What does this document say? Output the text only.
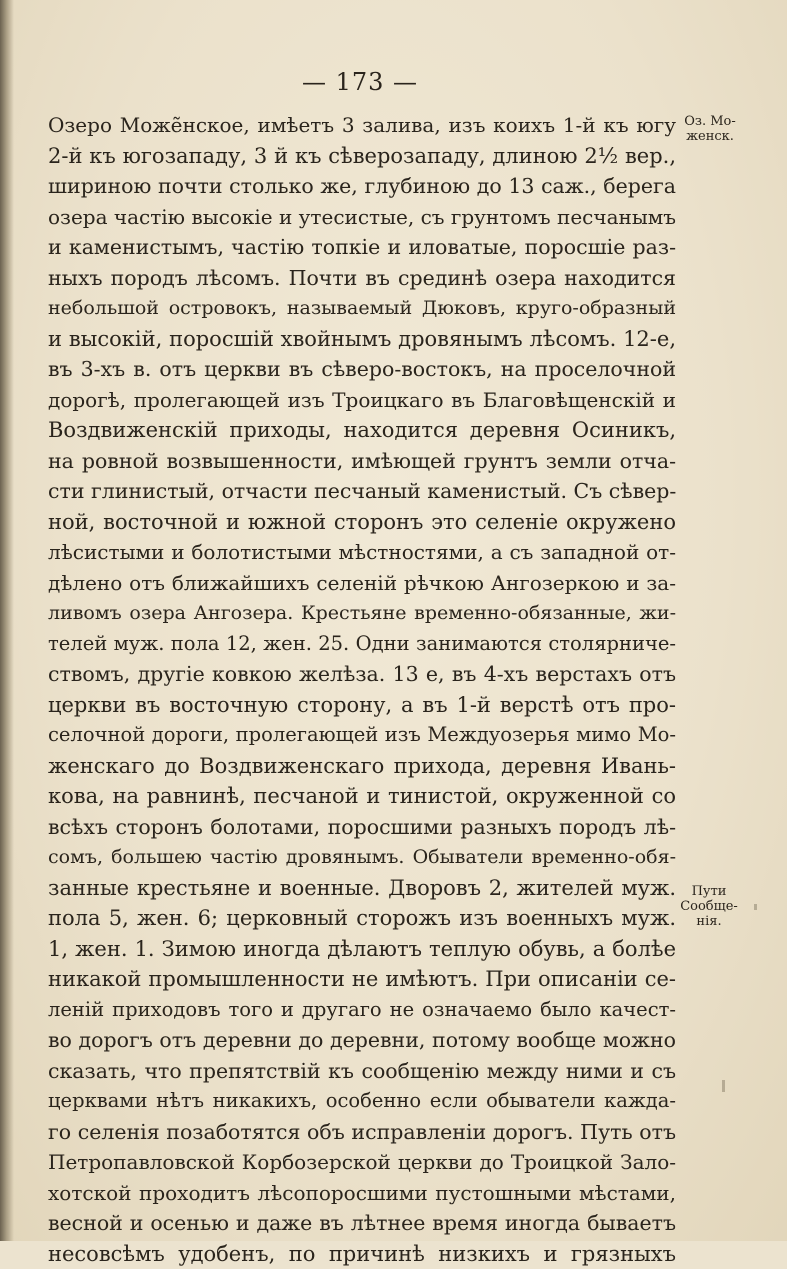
— 173 —
Оз. Мо-
женск.
Пути
Сообще-
нія.
Озеро Може̃нское, имѣетъ 3 залива, изъ коихъ 1-й къ югу
2-й къ югозападу, 3 й къ сѣверозападу, длиною 2½ вер.,
шириною почти столько же, глубиною до 13 саж., берега
озера частію высокіе и утесистые, съ грунтомъ песчанымъ
и каменистымъ, частію топкіе и иловатые, поросшіе раз-
ныхъ породъ лѣсомъ. Почти въ срединѣ озера находится
небольшой островокъ, называемый Дюковъ, круго-образный
и высокій, поросшій хвойнымъ дровянымъ лѣсомъ. 12-е,
въ 3-хъ в. отъ церкви въ сѣверо-востокъ, на проселочной
дорогѣ, пролегающей изъ Троицкаго въ Благовѣщенскій и
Воздвиженскій приходы, находится деревня Осиникъ,
на ровной возвышенности, имѣющей грунтъ земли отча-
сти глинистый, отчасти песчаный каменистый. Съ сѣвер-
ной, восточной и южной сторонъ это селеніе окружено
лѣсистыми и болотистыми мѣстностями, а съ западной от-
дѣлено отъ ближайшихъ селеній рѣчкою Ангозеркою и за-
ливомъ озера Ангозера. Крестьяне временно-обязанные, жи-
телей муж. пола 12, жен. 25. Одни занимаются столярниче-
ствомъ, другіе ковкою желѣза. 13 е, въ 4-хъ верстахъ отъ
церкви въ восточную сторону, а въ 1-й верстѣ отъ про-
селочной дороги, пролегающей изъ Междуозерья мимо Мо-
женскаго до Воздвиженскаго прихода, деревня Ивань-
кова, на равнинѣ, песчаной и тинистой, окруженной со
всѣхъ сторонъ болотами, поросшими разныхъ породъ лѣ-
сомъ, большею частію дровянымъ. Обыватели временно-обя-
занные крестьяне и военные. Дворовъ 2, жителей муж.
пола 5, жен. 6; церковный сторожъ изъ военныхъ муж.
1, жен. 1. Зимою иногда дѣлаютъ теплую обувь, а болѣе
никакой промышленности не имѣютъ. При описаніи се-
леній приходовъ того и другаго не означаемо было качест-
во дорогъ отъ деревни до деревни, потому вообще можно
сказать, что препятствій къ сообщенію между ними и съ
церквами нѣтъ никакихъ, особенно если обыватели кажда-
го селенія позаботятся объ исправленіи дорогъ. Путь отъ
Петропавловской Корбозерской церкви до Троицкой Зало-
хотской проходитъ лѣсопоросшими пустошными мѣстами,
весной и осенью и даже въ лѣтнее время иногда бываетъ
несовсѣмъ удобенъ, по причинѣ низкихъ и грязныхъ
